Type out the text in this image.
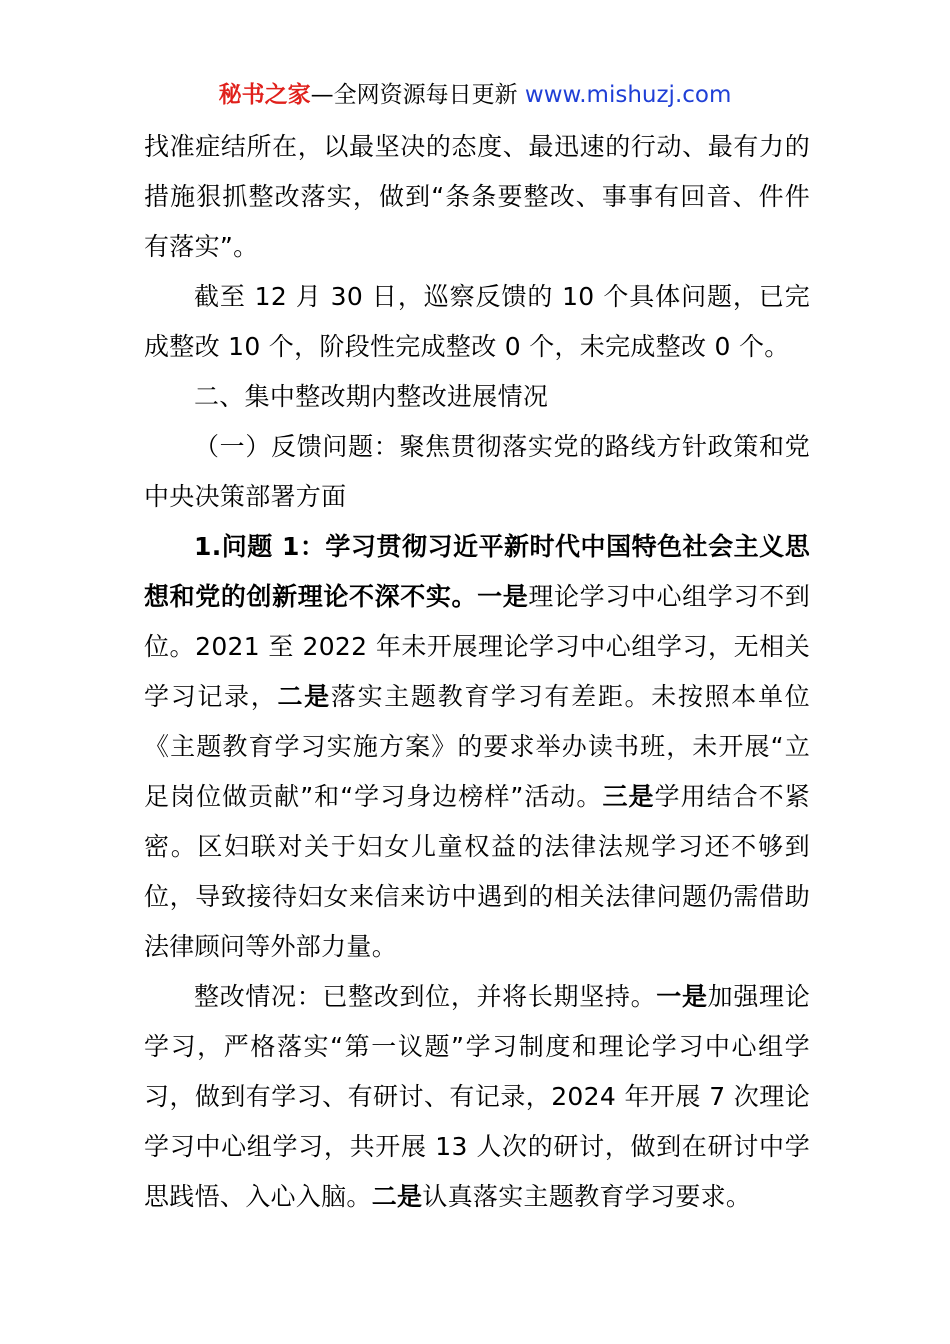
秘书之家—全网资源每日更新 www.mishuzj.com

找准症结所在，以最坚决的态度、最迅速的行动、最有力的措施狠抓整改落实，做到“条条要整改、事事有回音、件件有落实”。

截至 12 月 30 日，巡察反馈的 10 个具体问题，已完成整改 10 个，阶段性完成整改 0 个，未完成整改 0 个。

二、集中整改期内整改进展情况

（一）反馈问题：聚焦贯彻落实党的路线方针政策和党中央决策部署方面

1.问题 1：学习贯彻习近平新时代中国特色社会主义思想和党的创新理论不深不实。一是理论学习中心组学习不到位。2021 至 2022 年未开展理论学习中心组学习，无相关学习记录，二是落实主题教育学习有差距。未按照本单位《主题教育学习实施方案》的要求举办读书班，未开展“立足岗位做贡献”和“学习身边榜样”活动。三是学用结合不紧密。区妇联对关于妇女儿童权益的法律法规学习还不够到位，导致接待妇女来信来访中遇到的相关法律问题仍需借助法律顾问等外部力量。

整改情况：已整改到位，并将长期坚持。一是加强理论学习，严格落实“第一议题”学习制度和理论学习中心组学习，做到有学习、有研讨、有记录，2024 年开展 7 次理论学习中心组学习，共开展 13 人次的研讨，做到在研讨中学思践悟、入心入脑。二是认真落实主题教育学习要求。
